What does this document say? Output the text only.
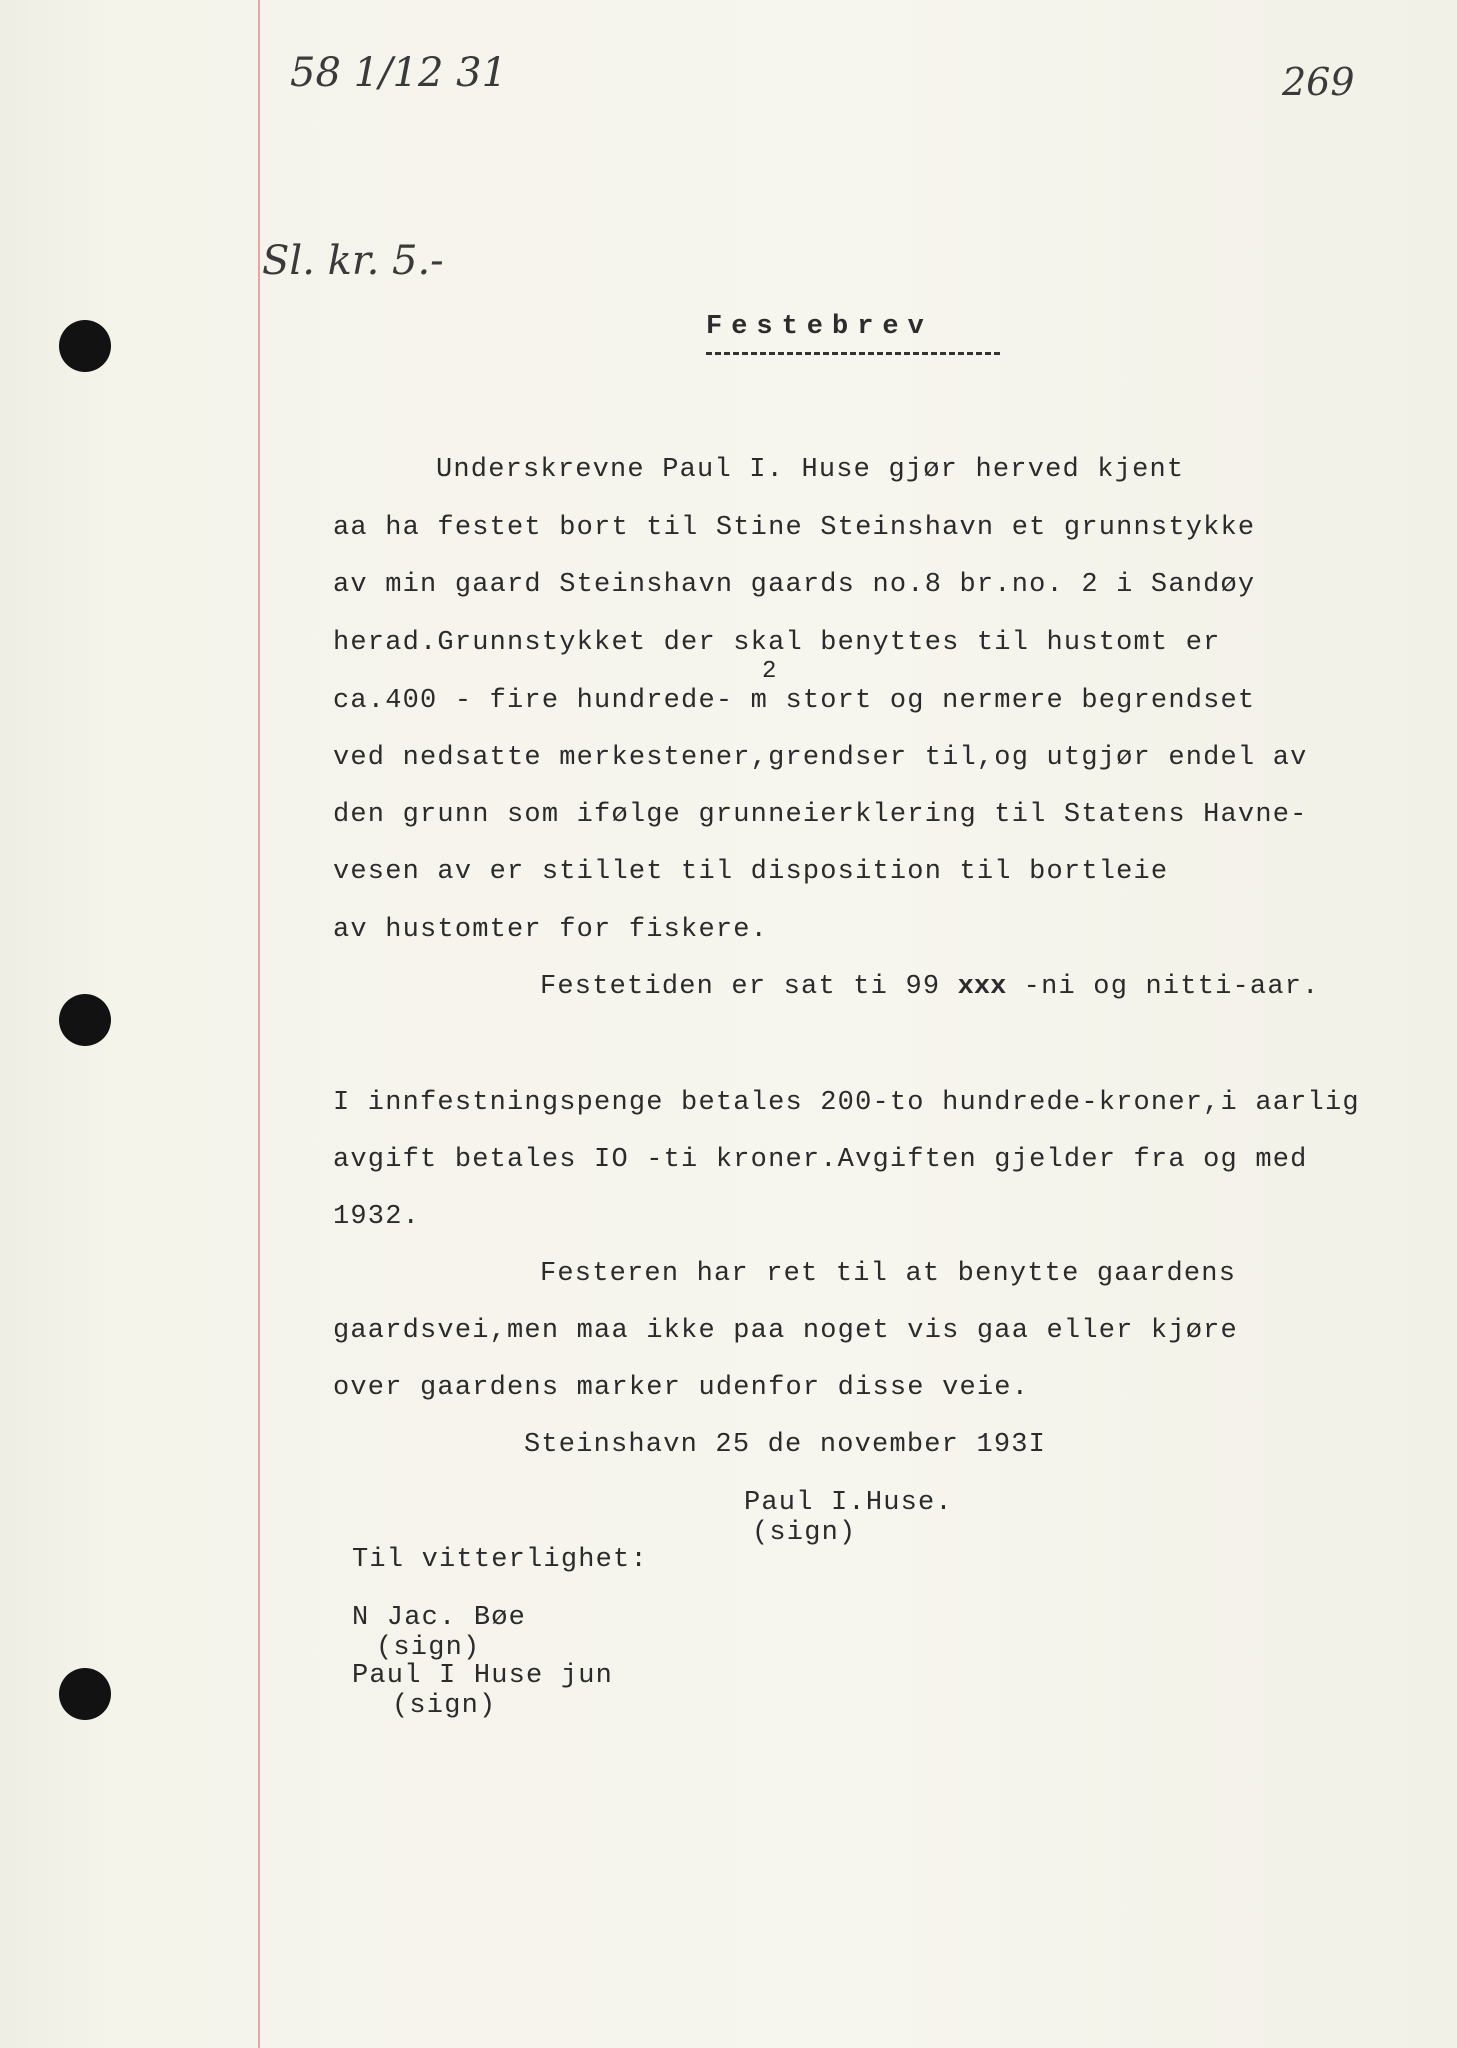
58 1/12 31	269
Sl. kr. 5.-
Festebrev
Underskrevne Paul I. Huse gjør herved kjent
aa ha festet bort til Stine Steinshavn et grunnstykke
av min gaard Steinshavn gaards no.8 br.no. 2 i Sandøy
herad.Grunnstykket der skal benyttes til hustomt er
2
ca.400 - fire hundrede- m stort og nermere begrendset
ved nedsatte merkestener,grendser til,og utgjør endel av
den grunn som ifølge grunneierklering til Statens Havne-
vesen av er stillet til disposition til bortleie
av hustomter for fiskere.
Festetiden er sat ti 99 xxx -ni og nitti-aar.
I innfestningspenge betales 200-to hundrede-kroner,i aarlig
avgift betales IO -ti kroner.Avgiften gjelder fra og med
1932.
Festeren har ret til at benytte gaardens
gaardsvei,men maa ikke paa noget vis gaa eller kjøre
over gaardens marker udenfor disse veie.
Steinshavn 25 de november 193I
Paul I.Huse.
(sign)
Til vitterlighet:
N Jac. Bøe
(sign)
Paul I Huse jun
(sign)
